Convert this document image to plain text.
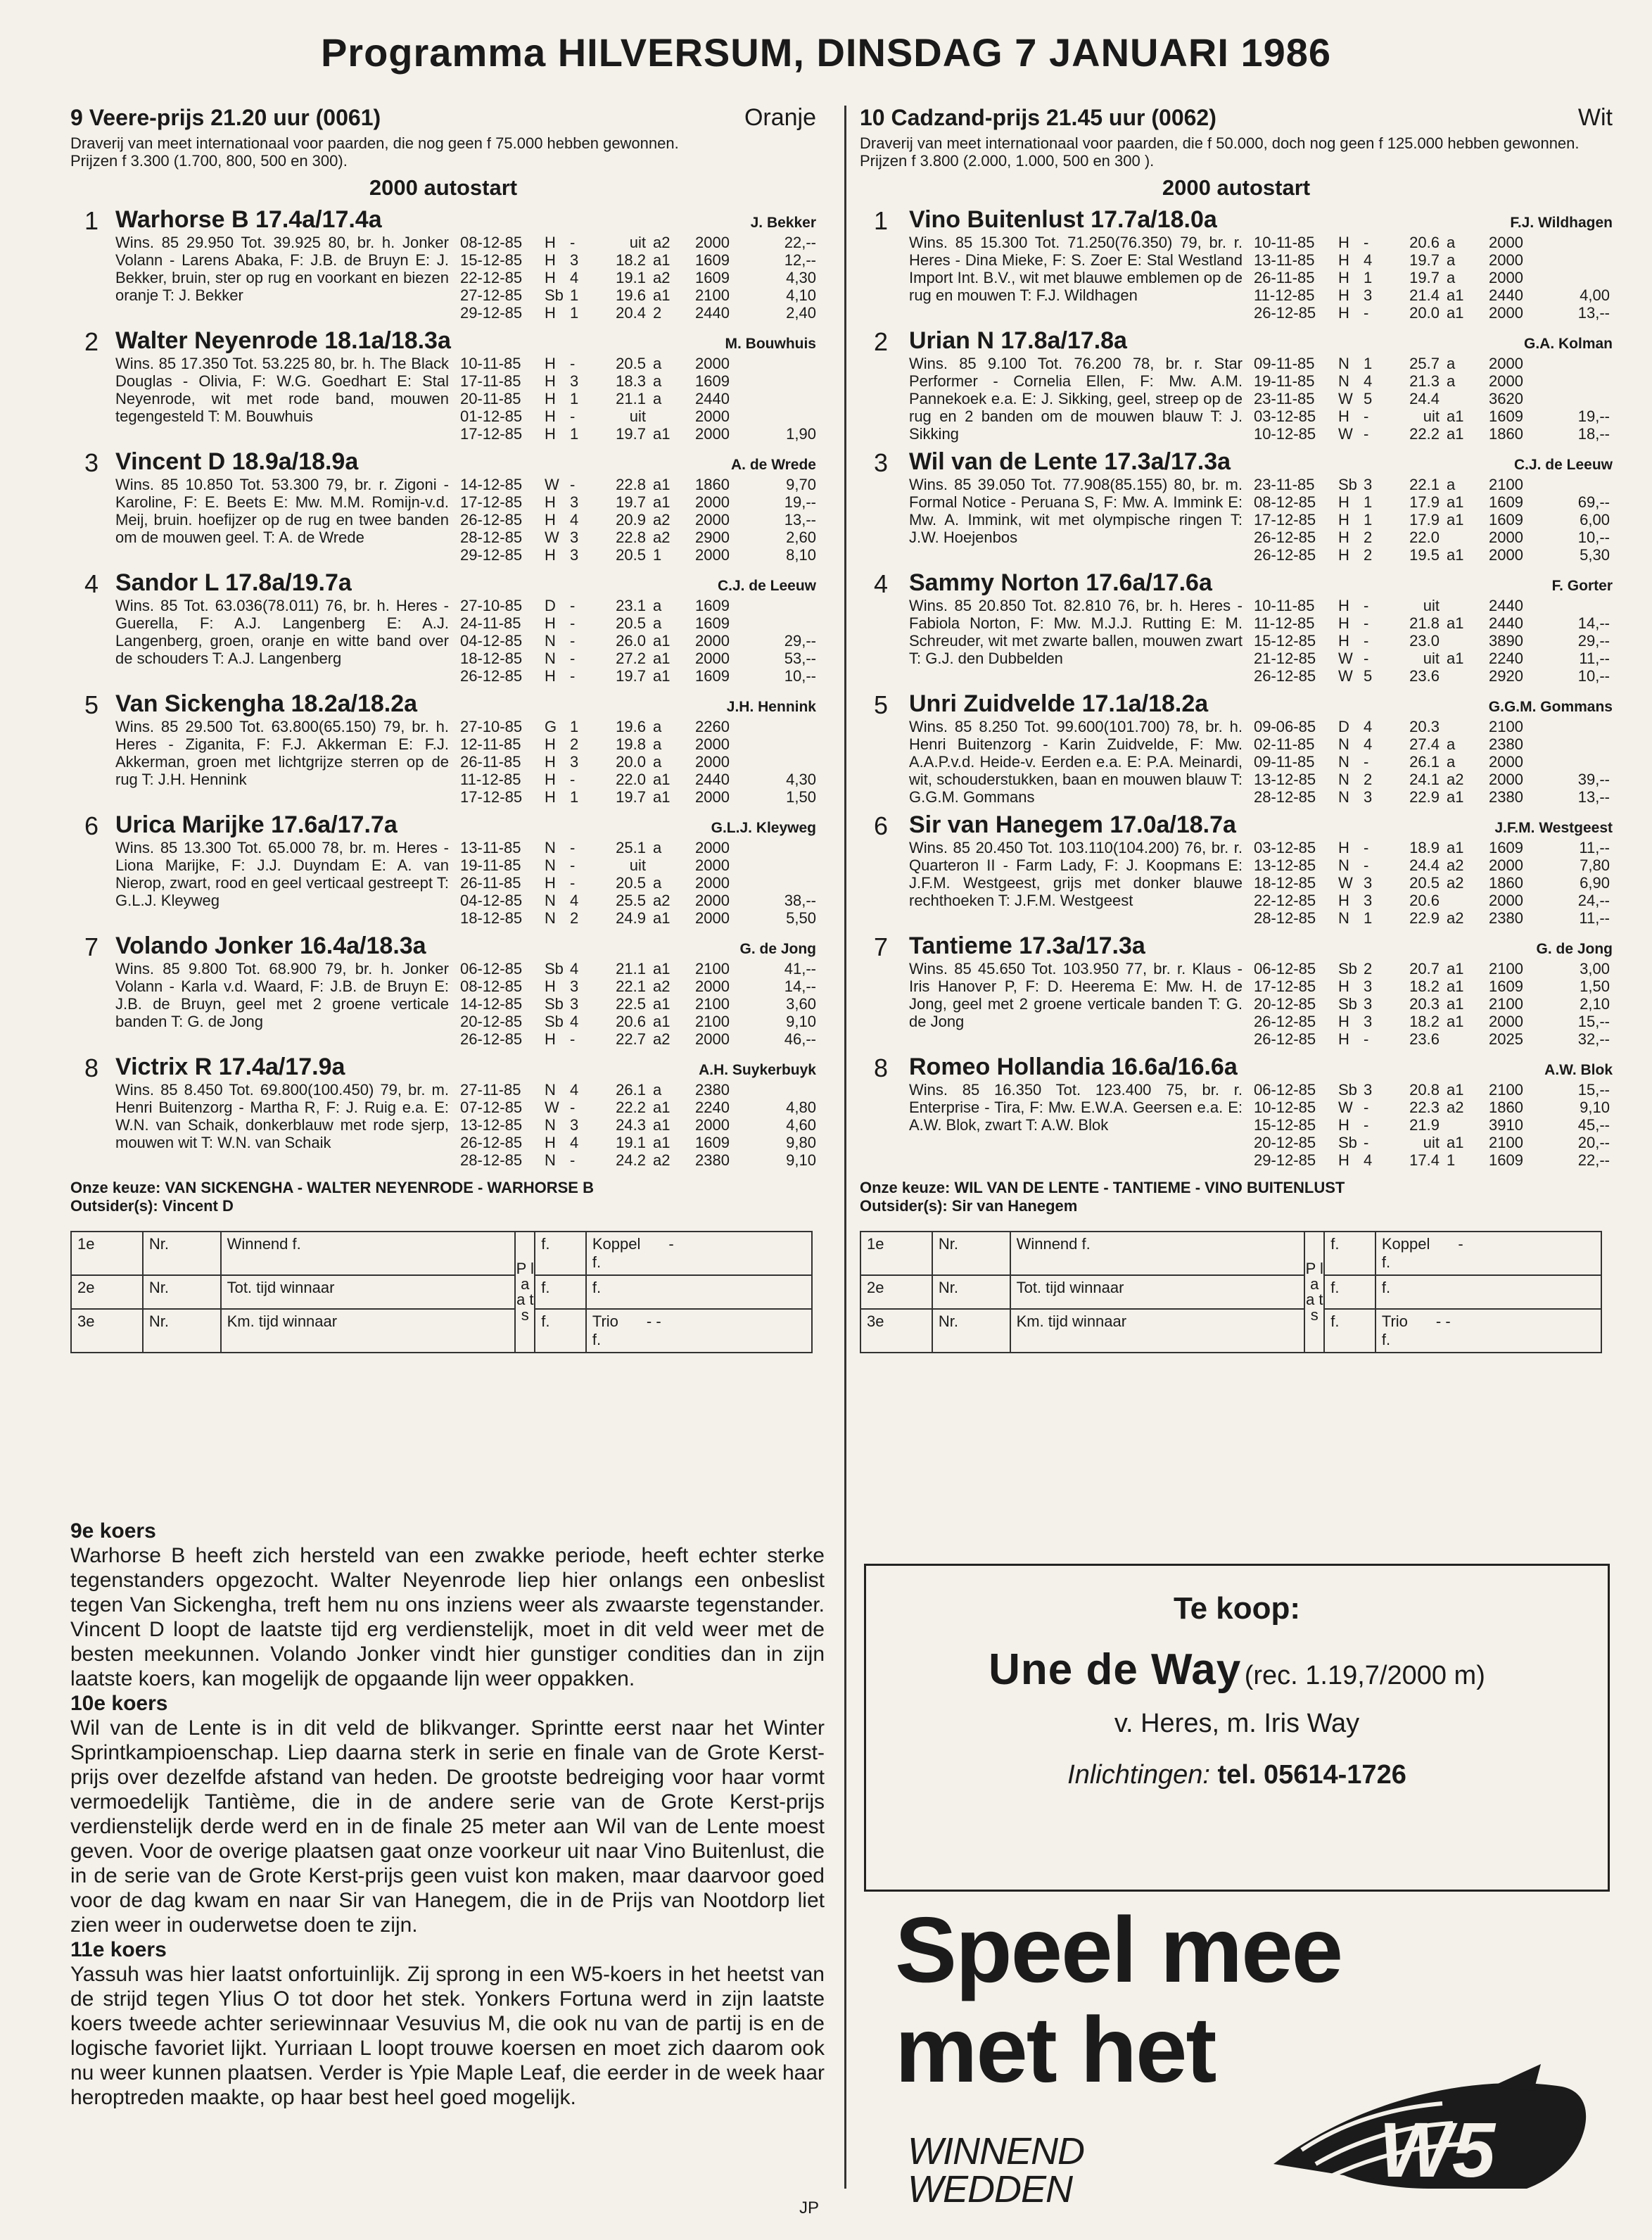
Programma HILVERSUM, DINSDAG 7 JANUARI 1986
9 Veere-prijs 21.20 uur (0061)	Oranje
Draverij van meet internationaal voor paarden, die nog geen f 75.000 hebben gewonnen.
Prijzen f 3.300 (1.700, 800, 500 en 300).
2000 autostart
1 Warhorse B 17.4a/17.4a	J. Bekker
Wins. 85 29.950 Tot. 39.925 80, br. h. Jonker Volann - Larens Abaka, F: J.B. de Bruyn E: J. Bekker, bruin, ster op rug en voorkant en biezen oranje T: J. Bekker
08-12-85	H -	uit a2	2000	22,--
15-12-85	H 3	18.2 a1	1609	12,--
22-12-85	H 4	19.1 a2	1609	4,30
27-12-85	Sb 1	19.6 a1	2100	4,10
29-12-85	H 1	20.4 2	2440	2,40
2 Walter Neyenrode 18.1a/18.3a	M. Bouwhuis
Wins. 85 17.350 Tot. 53.225 80, br. h. The Black Douglas - Olivia, F: W.G. Goedhart E: Stal Neyenrode, wit met rode band, mouwen tegengesteld T: M. Bouwhuis
10-11-85	H -	20.5 a	2000
17-11-85	H 3	18.3 a	1609
20-11-85	H 1	21.1 a	2440
01-12-85	H -	uit	2000
17-12-85	H 1	19.7 a1	2000	1,90
3 Vincent D 18.9a/18.9a	A. de Wrede
Wins. 85 10.850 Tot. 53.300 79, br. r. Zigoni - Karoline, F: E. Beets E: Mw. M.M. Romijn-v.d. Meij, bruin. hoefijzer op de rug en twee banden om de mouwen geel. T: A. de Wrede
14-12-85	W -	22.8 a1	1860	9,70
17-12-85	H 3	19.7 a1	2000	19,--
26-12-85	H 4	20.9 a2	2000	13,--
28-12-85	W 3	22.8 a2	2900	2,60
29-12-85	H 3	20.5 1	2000	8,10
4 Sandor L 17.8a/19.7a	C.J. de Leeuw
Wins. 85 Tot. 63.036(78.011) 76, br. h. Heres - Guerella, F: A.J. Langenberg E: A.J. Langenberg, groen, oranje en witte band over de schouders T: A.J. Langenberg
27-10-85	D -	23.1 a	1609
24-11-85	H -	20.5 a	1609
04-12-85	N -	26.0 a1	2000	29,--
18-12-85	N -	27.2 a1	2000	53,--
26-12-85	H -	19.7 a1	1609	10,--
5 Van Sickengha 18.2a/18.2a	J.H. Hennink
Wins. 85 29.500 Tot. 63.800(65.150) 79, br. h. Heres - Ziganita, F: F.J. Akkerman E: F.J. Akkerman, groen met lichtgrijze sterren op de rug T: J.H. Hennink
27-10-85	G 1	19.6 a	2260
12-11-85	H 2	19.8 a	2000
26-11-85	H 3	20.0 a	2000
11-12-85	H -	22.0 a1	2440	4,30
17-12-85	H 1	19.7 a1	2000	1,50
6 Urica Marijke 17.6a/17.7a	G.L.J. Kleyweg
Wins. 85 13.300 Tot. 65.000 78, br. m. Heres - Liona Marijke, F: J.J. Duyndam E: A. van Nierop, zwart, rood en geel verticaal gestreept T: G.L.J. Kleyweg
13-11-85	N -	25.1 a	2000
19-11-85	N -	uit	2000
26-11-85	H -	20.5 a	2000
04-12-85	N 4	25.5 a2	2000	38,--
18-12-85	N 2	24.9 a1	2000	5,50
7 Volando Jonker 16.4a/18.3a	G. de Jong
Wins. 85 9.800 Tot. 68.900 79, br. h. Jonker Volann - Karla v.d. Waard, F: J.B. de Bruyn E: J.B. de Bruyn, geel met 2 groene verticale banden T: G. de Jong
06-12-85	Sb 4	21.1 a1	2100	41,--
08-12-85	H 3	22.1 a2	2000	14,--
14-12-85	Sb 3	22.5 a1	2100	3,60
20-12-85	Sb 4	20.6 a1	2100	9,10
26-12-85	H -	22.7 a2	2000	46,--
8 Victrix R 17.4a/17.9a	A.H. Suykerbuyk
Wins. 85 8.450 Tot. 69.800(100.450) 79, br. m. Henri Buitenzorg - Martha R, F: J. Ruig e.a. E: W.N. van Schaik, donkerblauw met rode sjerp, mouwen wit T: W.N. van Schaik
27-11-85	N 4	26.1 a	2380
07-12-85	W -	22.2 a1	2240	4,80
13-12-85	N 3	24.3 a1	2000	4,60
26-12-85	H 4	19.1 a1	1609	9,80
28-12-85	N -	24.2 a2	2380	9,10
Onze keuze: VAN SICKENGHA - WALTER NEYENRODE - WARHORSE B
Outsider(s): Vincent D
1e	Nr.	Winnend f.	P l a a t s	f.	Koppel -
f.

2e	Nr.	Tot. tijd winnaar		f.	f.
3e	Nr.	Km. tijd winnaar		f.	Trio - -
f.
10 Cadzand-prijs 21.45 uur (0062)	Wit
Draverij van meet internationaal voor paarden, die f 50.000, doch nog geen f 125.000 hebben gewonnen.
Prijzen f 3.800 (2.000, 1.000, 500 en 300 ).
2000 autostart
1 Vino Buitenlust 17.7a/18.0a	F.J. Wildhagen
Wins. 85 15.300 Tot. 71.250(76.350) 79, br. r. Heres - Dina Mieke, F: S. Zoer E: Stal Westland Import Int. B.V., wit met blauwe emblemen op de rug en mouwen T: F.J. Wildhagen
10-11-85	H -	20.6 a	2000
13-11-85	H 4	19.7 a	2000
26-11-85	H 1	19.7 a	2000
11-12-85	H 3	21.4 a1	2440	4,00
26-12-85	H -	20.0 a1	2000	13,--
2 Urian N 17.8a/17.8a	G.A. Kolman
Wins. 85 9.100 Tot. 76.200 78, br. r. Star Performer - Cornelia Ellen, F: Mw. A.M. Pannekoek e.a. E: J. Sikking, geel, streep op de rug en 2 banden om de mouwen blauw T: J. Sikking
09-11-85	N 1	25.7 a	2000
19-11-85	N 4	21.3 a	2000
23-11-85	W 5	24.4	3620
03-12-85	H -	uit a1	1609	19,--
10-12-85	W -	22.2 a1	1860	18,--
3 Wil van de Lente 17.3a/17.3a	C.J. de Leeuw
Wins. 85 39.050 Tot. 77.908(85.155) 80, br. m. Formal Notice - Peruana S, F: Mw. A. Immink E: Mw. A. Immink, wit met olympische ringen T: J.W. Hoejenbos
23-11-85	Sb 3	22.1 a	2100
08-12-85	H 1	17.9 a1	1609	69,--
17-12-85	H 1	17.9 a1	1609	6,00
26-12-85	H 2	22.0	2000	10,--
26-12-85	H 2	19.5 a1	2000	5,30
4 Sammy Norton 17.6a/17.6a	F. Gorter
Wins. 85 20.850 Tot. 82.810 76, br. h. Heres - Fabiola Norton, F: Mw. M.J.J. Rutting E: M. Schreuder, wit met zwarte ballen, mouwen zwart T: G.J. den Dubbelden
10-11-85	H -	uit	2440
11-12-85	H -	21.8 a1	2440	14,--
15-12-85	H -	23.0	3890	29,--
21-12-85	W -	uit a1	2240	11,--
26-12-85	W 5	23.6	2920	10,--
5 Unri Zuidvelde 17.1a/18.2a	G.G.M. Gommans
Wins. 85 8.250 Tot. 99.600(101.700) 78, br. h. Henri Buitenzorg - Karin Zuidvelde, F: Mw. A.A.P.v.d. Heide-v. Eerden e.a. E: P.A. Meinardi, wit, schouderstukken, baan en mouwen blauw T: G.G.M. Gommans
09-06-85	D 4	20.3	2100
02-11-85	N 4	27.4 a	2380
09-11-85	N -	26.1 a	2000
13-12-85	N 2	24.1 a2	2000	39,--
28-12-85	N 3	22.9 a1	2380	13,--
6 Sir van Hanegem 17.0a/18.7a	J.F.M. Westgeest
Wins. 85 20.450 Tot. 103.110(104.200) 76, br. r. Quarteron II - Farm Lady, F: J. Koopmans E: J.F.M. Westgeest, grijs met donker blauwe rechthoeken T: J.F.M. Westgeest
03-12-85	H -	18.9 a1	1609	11,--
13-12-85	N -	24.4 a2	2000	7,80
18-12-85	W 3	20.5 a2	1860	6,90
22-12-85	H 3	20.6	2000	24,--
28-12-85	N 1	22.9 a2	2380	11,--
7 Tantieme 17.3a/17.3a	G. de Jong
Wins. 85 45.650 Tot. 103.950 77, br. r. Klaus - Iris Hanover P, F: D. Heerema E: Mw. H. de Jong, geel met 2 groene verticale banden T: G. de Jong
06-12-85	Sb 2	20.7 a1	2100	3,00
17-12-85	H 3	18.2 a1	1609	1,50
20-12-85	Sb 3	20.3 a1	2100	2,10
26-12-85	H 3	18.2 a1	2000	15,--
26-12-85	H -	23.6	2025	32,--
8 Romeo Hollandia 16.6a/16.6a	A.W. Blok
Wins. 85 16.350 Tot. 123.400 75, br. r. Enterprise - Tira, F: Mw. E.W.A. Geersen e.a. E: A.W. Blok, zwart T: A.W. Blok
06-12-85	Sb 3	20.8 a1	2100	15,--
10-12-85	W -	22.3 a2	1860	9,10
15-12-85	H -	21.9	3910	45,--
20-12-85	Sb -	uit a1	2100	20,--
29-12-85	H 4	17.4 1	1609	22,--
Onze keuze: WIL VAN DE LENTE - TANTIEME - VINO BUITENLUST
Outsider(s): Sir van Hanegem
1e	Nr.	Winnend f.	P l a a t s	f.	Koppel -
f.

2e	Nr.	Tot. tijd winnaar		f.	f.
3e	Nr.	Km. tijd winnaar		f.	Trio - -
f.
9e koers

Warhorse B heeft zich hersteld van een zwakke periode, heeft echter sterke tegenstanders opgezocht. Walter Neyenrode liep hier onlangs een onbeslist tegen Van Sickengha, treft hem nu ons inziens weer als zwaarste tegenstander. Vincent D loopt de laatste tijd erg verdienstelijk, moet in dit veld weer met de besten meekunnen. Volando Jonker vindt hier gunstiger condities dan in zijn laatste koers, kan mogelijk de opgaande lijn weer oppakken.

10e koers

Wil van de Lente is in dit veld de blikvanger. Sprintte eerst naar het Winter Sprintkampioenschap. Liep daarna sterk in serie en finale van de Grote Kerst-prijs over dezelfde afstand van heden. De grootste bedreiging voor haar vormt vermoedelijk Tantième, die in de andere serie van de Grote Kerst-prijs verdienstelijk derde werd en in de finale 25 meter aan Wil van de Lente moest geven. Voor de overige plaatsen gaat onze voorkeur uit naar Vino Buitenlust, die in de serie van de Grote Kerst-prijs geen vuist kon maken, maar daarvoor goed voor de dag kwam en naar Sir van Hanegem, die in de Prijs van Nootdorp liet zien weer in ouderwetse doen te zijn.

11e koers

Yassuh was hier laatst onfortuinlijk. Zij sprong in een W5-koers in het heetst van de strijd tegen Ylius O tot door het stek. Yonkers Fortuna werd in zijn laatste koers tweede achter seriewinnaar Vesuvius M, die ook nu van de partij is en de logische favoriet lijkt. Yurriaan L loopt trouwe koersen en moet zich daarom ook nu weer kunnen plaatsen. Verder is Ypie Maple Leaf, die eerder in de week haar heroptreden maakte, op haar best heel goed mogelijk.

Te koop:
Une de Way (rec. 1.19,7/2000 m)
v. Heres, m. Iris Way
Inlichtingen: tel. 05614-1726
Speel mee
met het
WINNEND
WEDDEN	W5
JP
